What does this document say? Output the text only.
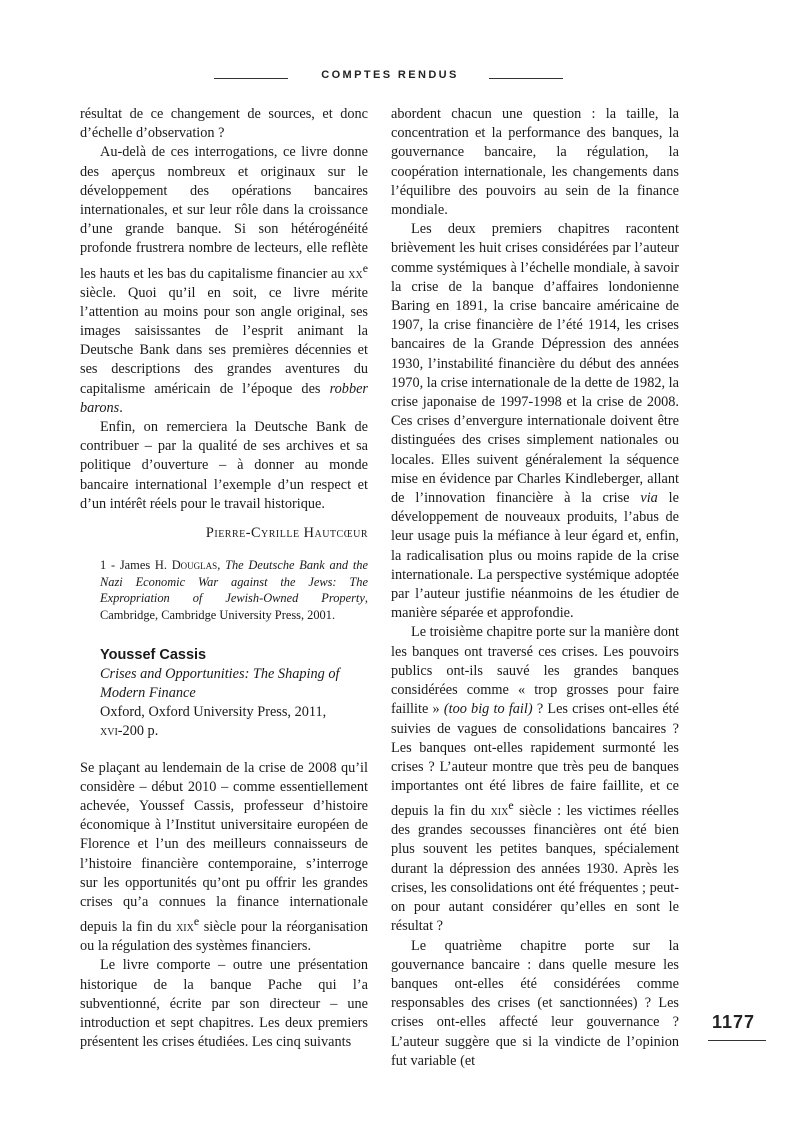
COMPTES RENDUS

résultat de ce changement de sources, et donc d’échelle d’observation ?

Au-delà de ces interrogations, ce livre donne des aperçus nombreux et originaux sur le développement des opérations bancaires internationales, et sur leur rôle dans la croissance d’une grande banque. Si son hétérogénéité profonde frustrera nombre de lecteurs, elle reflète les hauts et les bas du capitalisme financier au $xx^e$ siècle. Quoi qu’il en soit, ce livre mérite l’attention au moins pour son angle original, ses images saisissantes de l’esprit animant la Deutsche Bank dans ses premières décennies et ses descriptions des grandes aventures du capitalisme américain de l’époque des robber barons.

Enfin, on remerciera la Deutsche Bank de contribuer – par la qualité de ses archives et sa politique d’ouverture – à donner au monde bancaire international l’exemple d’un respect et d’un intérêt réels pour le travail historique.

Pierre-Cyrille Hautcœur
1 - James H. Douglas, The Deutsche Bank and the Nazi Economic War against the Jews: The Expropriation of Jewish-Owned Property, Cambridge, Cambridge University Press, 2001.
Youssef Cassis
Crises and Opportunities: The Shaping of Modern Finance
Oxford, Oxford University Press, 2011,
xvi-200 p.

Se plaçant au lendemain de la crise de 2008 qu’il considère – début 2010 – comme essentiellement achevée, Youssef Cassis, professeur d’histoire économique à l’Institut universitaire européen de Florence et l’un des meilleurs connaisseurs de l’histoire financière contemporaine, s’interroge sur les opportunités qu’ont pu offrir les grandes crises qu’a connues la finance internationale depuis la fin du xix$^e$ siècle pour la réorganisation ou la régulation des systèmes financiers.

Le livre comporte – outre une présentation historique de la banque Pache qui l’a subventionné, écrite par son directeur – une introduction et sept chapitres. Les deux premiers présentent les crises étudiées. Les cinq suivants

abordent chacun une question : la taille, la concentration et la performance des banques, la gouvernance bancaire, la régulation, la coopération internationale, les changements dans l’équilibre des pouvoirs au sein de la finance mondiale.

Les deux premiers chapitres racontent brièvement les huit crises considérées par l’auteur comme systémiques à l’échelle mondiale, à savoir la crise de la banque d’affaires londonienne Baring en 1891, la crise bancaire américaine de 1907, la crise financière de l’été 1914, les crises bancaires de la Grande Dépression des années 1930, l’instabilité financière du début des années 1970, la crise internationale de la dette de 1982, la crise japonaise de 1997-1998 et la crise de 2008. Ces crises d’envergure internationale doivent être distinguées des crises simplement nationales ou locales. Elles suivent généralement la séquence mise en évidence par Charles Kindleberger, allant de l’innovation financière à la crise via le développement de nouveaux produits, l’abus de leur usage puis la méfiance à leur égard et, enfin, la radicalisation plus ou moins rapide de la crise internationale. La perspective systémique adoptée par l’auteur justifie néanmoins de les étudier de manière séparée et approfondie.

Le troisième chapitre porte sur la manière dont les banques ont traversé ces crises. Les pouvoirs publics ont-ils sauvé les grandes banques considérées comme « trop grosses pour faire faillite » (too big to fail) ? Les crises ont-elles été suivies de vagues de consolidations bancaires ? Les banques ont-elles rapidement surmonté les crises ? L’auteur montre que très peu de banques importantes ont été libres de faire faillite, et ce depuis la fin du xix$^e$ siècle : les victimes réelles des grandes secousses financières ont été bien plus souvent les petites banques, spécialement durant la dépression des années 1930. Après les crises, les consolidations ont été fréquentes ; peut-on pour autant considérer qu’elles en sont le résultat ?

Le quatrième chapitre porte sur la gouvernance bancaire : dans quelle mesure les banques ont-elles été considérées comme responsables des crises (et sanctionnées) ? Les crises ont-elles affecté leur gouvernance ? L’auteur suggère que si la vindicte de l’opinion fut variable (et

1177
